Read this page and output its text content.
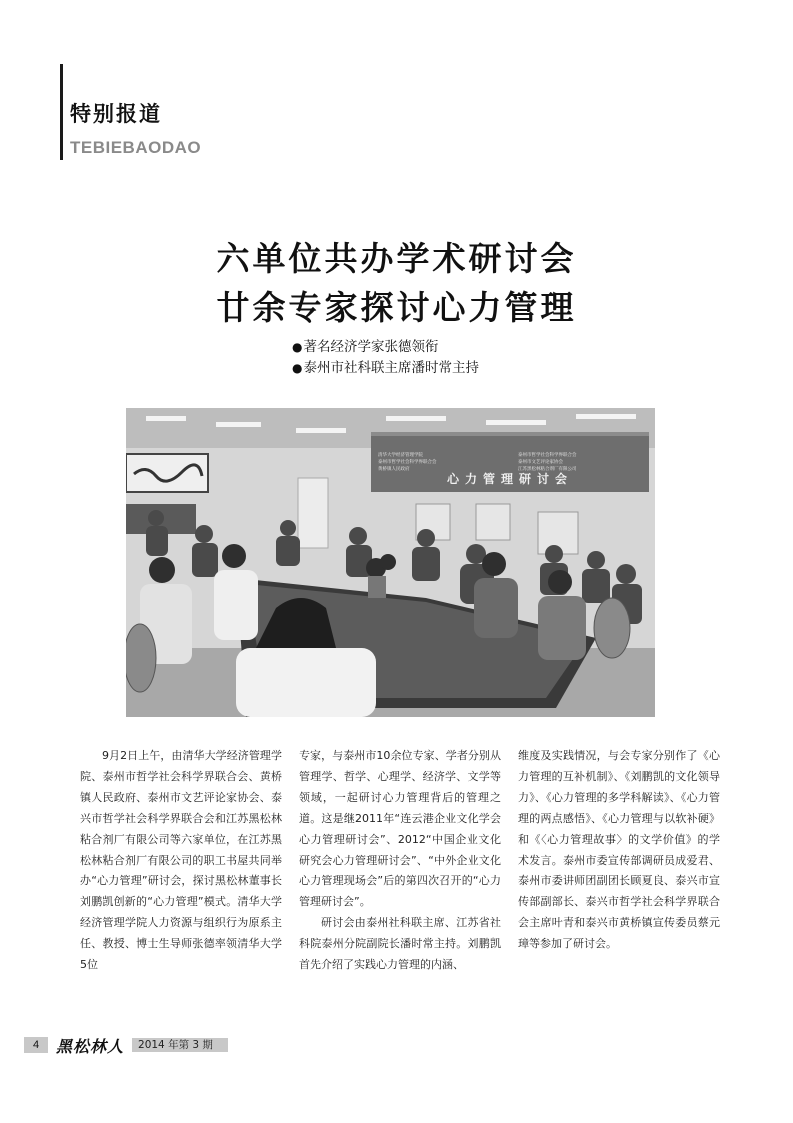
特别报道
TEBIEBAODAO
六单位共办学术研讨会
廿余专家探讨心力管理
●著名经济学家张德领衔
●泰州市社科联主席潘时常主持
心力管理研讨会
清华大学经济管理学院
泰州市哲学社会科学界联合会
黄桥镇人民政府
泰州市哲学社会科学界联合会
泰州市文艺评论家协会
江苏黑松林粘合剂厂有限公司

9月2日上午，由清华大学经济管理学院、泰州市哲学社会科学界联合会、黄桥镇人民政府、泰州市文艺评论家协会、泰兴市哲学社会科学界联合会和江苏黑松林粘合剂厂有限公司等六家单位，在江苏黑松林粘合剂厂有限公司的职工书屋共同举办“心力管理”研讨会，探讨黑松林董事长刘鹏凯创新的“心力管理”模式。清华大学经济管理学院人力资源与组织行为原系主任、教授、博士生导师张德率领清华大学5位

专家，与泰州市10余位专家、学者分别从管理学、哲学、心理学、经济学、文学等领域，一起研讨心力管理背后的管理之道。这是继2011年“连云港企业文化学会心力管理研讨会”、2012“中国企业文化研究会心力管理研讨会”、“中外企业文化心力管理现场会”后的第四次召开的“心力管理研讨会”。

研讨会由泰州社科联主席、江苏省社科院泰州分院副院长潘时常主持。刘鹏凯首先介绍了实践心力管理的内涵、

维度及实践情况，与会专家分别作了《心力管理的互补机制》、《刘鹏凯的文化领导力》、《心力管理的多学科解读》、《心力管理的两点感悟》、《心力管理与以软补硬》和《〈心力管理故事〉的文学价值》的学术发言。泰州市委宣传部调研员成爱君、泰州市委讲师团副团长顾夏良、泰兴市宣传部副部长、泰兴市哲学社会科学界联合会主席叶青和泰兴市黄桥镇宣传委员蔡元璋等参加了研讨会。

4	黑松林人	2014 年第 3 期
